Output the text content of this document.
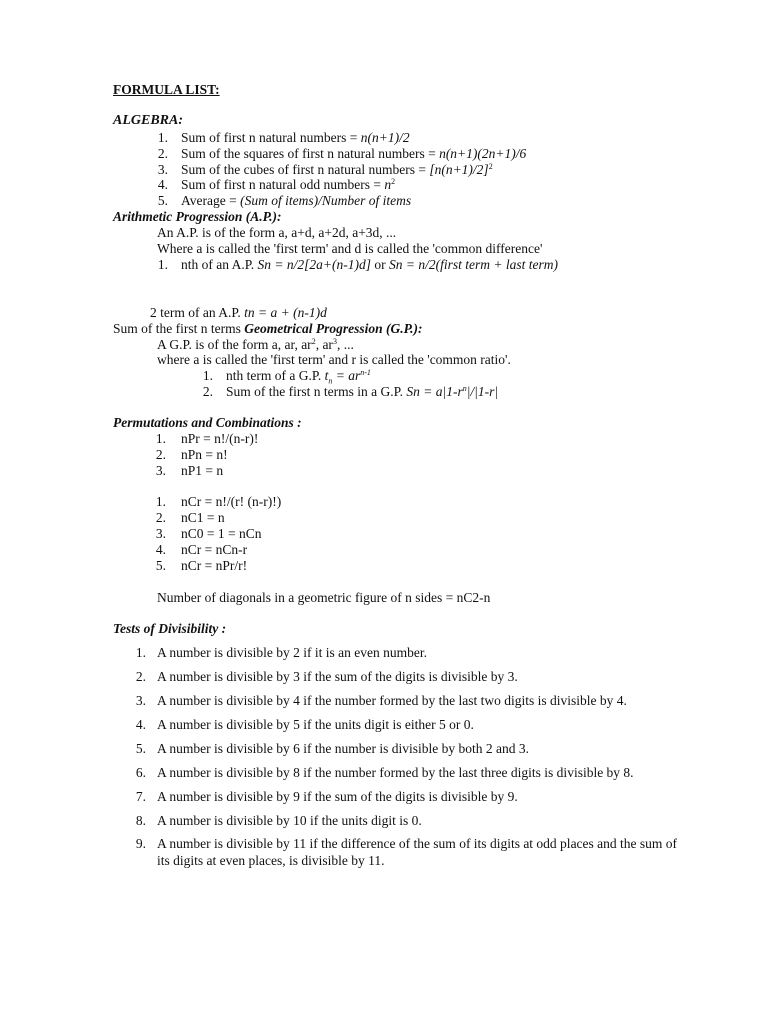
FORMULA LIST:
ALGEBRA:
1. Sum of first n natural numbers = n(n+1)/2
2. Sum of the squares of first n natural numbers = n(n+1)(2n+1)/6
3. Sum of the cubes of first n natural numbers = $[n(n+1)/2]^2$
4. Sum of first n natural odd numbers = $n^2$
5. Average = (Sum of items)/Number of items
Arithmetic Progression (A.P.):
An A.P. is of the form a, a+d, a+2d, a+3d, ...
Where a is called the 'first term' and d is called the 'common difference'
1. nth of an A.P. Sn = n/2[2a+(n-1)d] or Sn = n/2(first term + last term)
2 term of an A.P. tn = a + (n-1)d
Sum of the first n terms Geometrical Progression (G.P.):
A G.P. is of the form a, ar, $ar^2$, $ar^3$, ...
where a is called the 'first term' and r is called the 'common ratio'.
1. nth term of a G.P. $t_n = ar^{n-1}$
2. Sum of the first n terms in a G.P. $Sn = a|1-r^n|/|1-r|$
Permutations and Combinations :
1. nPr = n!/(n-r)!
2. nPn = n!
3. nP1 = n
1. nCr = n!/(r! (n-r)!)
2. nC1 = n
3. nC0 = 1 = nCn
4. nCr = nCn-r
5. nCr = nPr/r!
Number of diagonals in a geometric figure of n sides = nC2-n
Tests of Divisibility :
1. A number is divisible by 2 if it is an even number.
2. A number is divisible by 3 if the sum of the digits is divisible by 3.
3. A number is divisible by 4 if the number formed by the last two digits is divisible by 4.
4. A number is divisible by 5 if the units digit is either 5 or 0.
5. A number is divisible by 6 if the number is divisible by both 2 and 3.
6. A number is divisible by 8 if the number formed by the last three digits is divisible by 8.
7. A number is divisible by 9 if the sum of the digits is divisible by 9.
8. A number is divisible by 10 if the units digit is 0.
9. A number is divisible by 11 if the difference of the sum of its digits at odd places and the sum of
its digits at even places, is divisible by 11.
